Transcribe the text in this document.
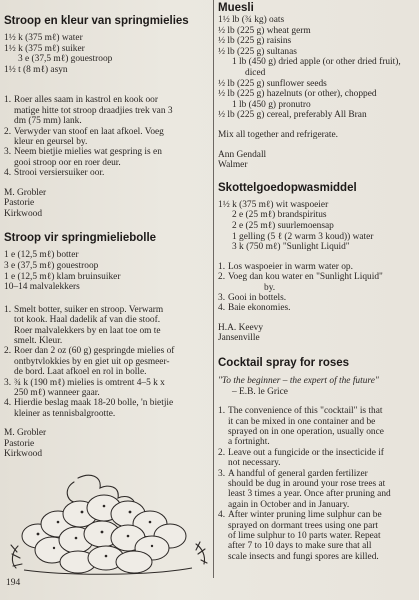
Stroop en kleur van springmielies
1½ k (375 mℓ) water
1½ k (375 mℓ) suiker
3 e (37,5 mℓ) gouestroop
1½ t (8 mℓ) asyn
1. Roer alles saam in kastrol en kook oor
matige hitte tot stroop draadjies trek van 3
dm (75 mm) lank.
2. Verwyder van stoof en laat afkoel. Voeg
kleur en geursel by.
3. Neem bietjie mielies wat gespring is en
gooi stroop oor en roer deur.
4. Strooi versiersuiker oor.
M. Grobler
Pastorie
Kirkwood
Stroop vir springmieliebolle
1 e (12,5 mℓ) botter
3 e (37,5 mℓ) gouestroop
1 e (12,5 mℓ) klam bruinsuiker
10–14 malvalekkers
1. Smelt botter, suiker en stroop. Verwarm
tot kook. Haal dadelik af van die stoof.
Roer malvalekkers by en laat toe om te
smelt. Kleur.
2. Roer dan 2 oz (60 g) gespringde mielies of
ontbytvlokkies by en giet uit op gesmeer-
de bord. Laat afkoel en rol in bolle.
3. ¾ k (190 mℓ) mielies is omtrent 4–5 k x
250 mℓ) wanneer gaar.
4. Hierdie beslag maak 18-20 bolle, 'n bietjie
kleiner as tennisbalgrootte.
M. Grobler
Pastorie
Kirkwood
Muesli
1½ lb (¾ kg) oats
½ lb (225 g) wheat germ
½ lb (225 g) raisins
½ lb (225 g) sultanas
1 lb (450 g) dried apple (or other dried fruit),
diced
½ lb (225 g) sunflower seeds
½ lb (225 g) hazelnuts (or other), chopped
1 lb (450 g) pronutro
½ lb (225 g) cereal, preferably All Bran
Mix all together and refrigerate.
Ann Gendall
Walmer
Skottelgoedopwasmiddel
1½ k (375 mℓ) wit waspoeier
2 e (25 mℓ) brandspiritus
2 e (25 mℓ) suurlemoensap
1 gelling (5 ℓ (2 warm 3 koud)) water
3 k (750 mℓ) "Sunlight Liquid"
1. Los waspoeier in warm water op.
2. Voeg dan kou water en "Sunlight Liquid"
by.
3. Gooi in bottels.
4. Baie ekonomies.
H.A. Keevy
Jansenville
Cocktail spray for roses
"To the beginner – the expert of the future"
– E.B. le Grice
1. The convenience of this "cocktail" is that
it can be mixed in one container and be
sprayed on in one operation, usually once
a fortnight.
2. Leave out a fungicide or the insecticide if
not necessary.
3. A handful of general garden fertilizer
should be dug in around your rose trees at
least 3 times a year. Once after pruning and
again in October and in January.
4. After winter pruning lime sulphur can be
sprayed on dormant trees using one part
of lime sulphur to 10 parts water. Repeat
after 7 to 10 days to make sure that all
scale insects and fungi spores are killed.
194
